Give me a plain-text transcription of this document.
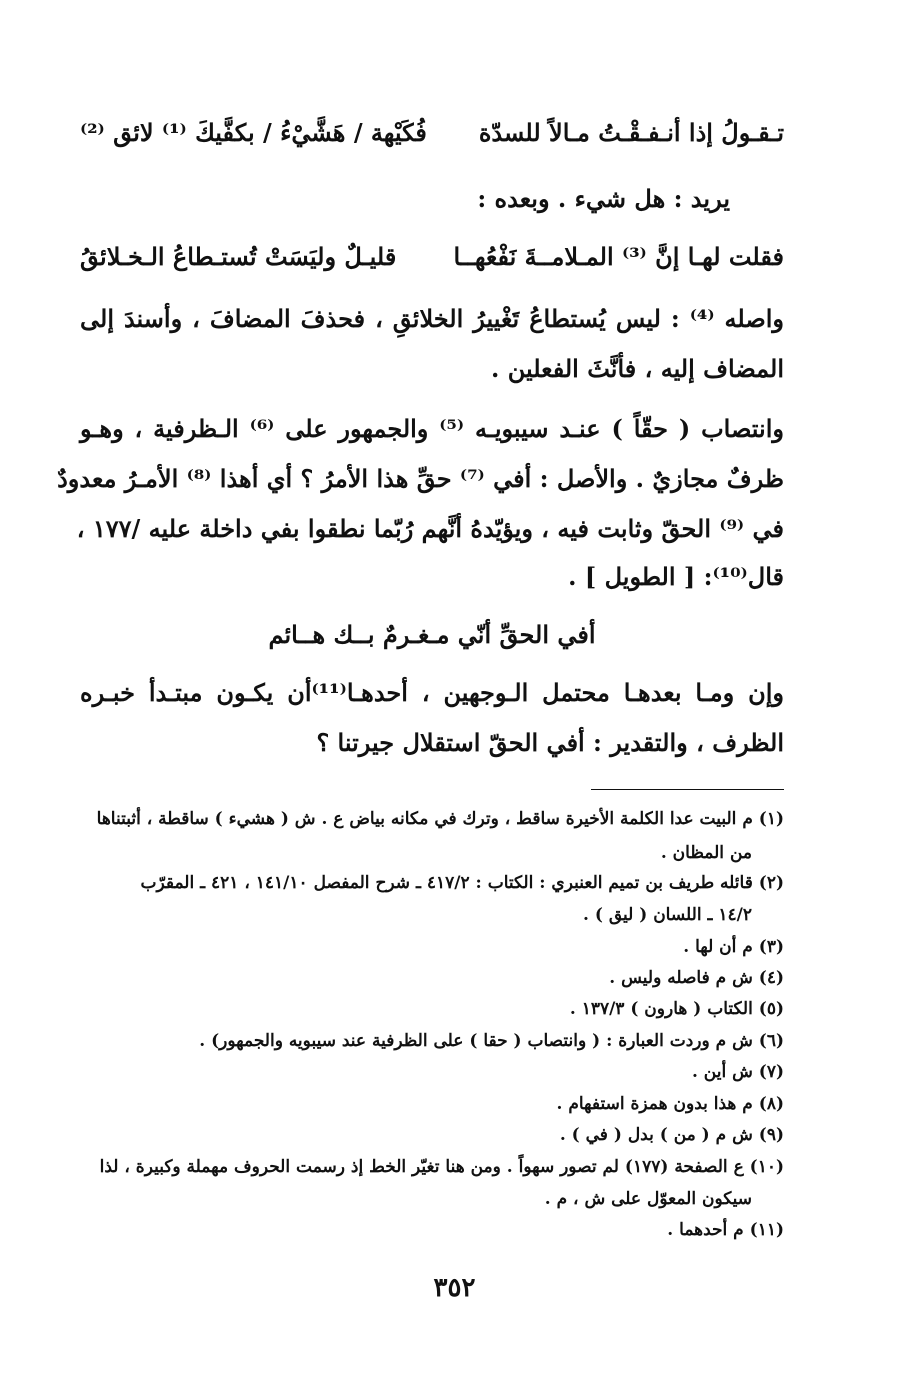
تـقـولُ إذا أنـفـقْـتُ مـالاً للسدّة
فُكَيْهة / هَشَّيْءُ / بكفَّيكَ ⁽¹⁾ لائق ⁽²⁾
يريد : هل شيء . وبعده :
فقلت لهـا إنَّ ⁽³⁾ المـلامــةَ نَفْعُهــا
قليـلٌ وليَسَتْ تُستـطاعُ الـخـلائقُ
واصله ⁽⁴⁾ : ليس يُستطاعُ تَغْييرُ الخلائقِ ، فحذفَ المضافَ ، وأسندَ إلى
المضاف إليه ، فأنَّثَ الفعلين .
وانتصاب ( حقّاً ) عنـد سيبويـه ⁽⁵⁾ والجمهور على ⁽⁶⁾ الـظرفية ، وهـو
ظرفٌ مجازيٌ . والأصل : أفي ⁽⁷⁾ حقِّ هذا الأمرُ ؟ أي أهذا ⁽⁸⁾ الأمـرُ معدودٌ
في ⁽⁹⁾ الحقّ وثابت فيه ، ويؤيّدهُ أنَّهم رُبّما نطقوا بفي داخلة عليه /١٧٧ ،
قال⁽¹⁰⁾: [ الطويل ] .
أفي الحقِّ أنّي مـغـرمٌ بــك هــائم
وإن ومـا بعدهـا محتمل الـوجهين ، أحدهـا⁽¹¹⁾أن يكـون مبتـدأ خبـره
الظرف ، والتقدير : أفي الحقّ استقلال جيرتنا ؟
(١) م البيت عدا الكلمة الأخيرة ساقط ، وترك في مكانه بياض ع . ش ( هشيء ) ساقطة ، أثبتناها
من المظان .
(٢) قائله طريف بن تميم العنبري : الكتاب : ٤١٧/٢ ـ شرح المفصل ١٤١/١٠ ، ٤٢١ ـ المقرّب
١٤/٢ ـ اللسان ( ليق ) .
(٣) م أن لها .
(٤) ش م فاصله وليس .
(٥) الكتاب ( هارون ) ١٣٧/٣ .
(٦) ش م وردت العبارة : ( وانتصاب ( حقا ) على الظرفية عند سيبويه والجمهور) .
(٧) ش أين .
(٨) م هذا بدون همزة استفهام .
(٩) ش م ( من ) بدل ( في ) .
(١٠) ع الصفحة (١٧٧) لم تصور سهواً . ومن هنا تغيّر الخط إذ رسمت الحروف مهملة وكبيرة ، لذا
سيكون المعوّل على ش ، م .
(١١) م أحدهما .
٣٥٢
